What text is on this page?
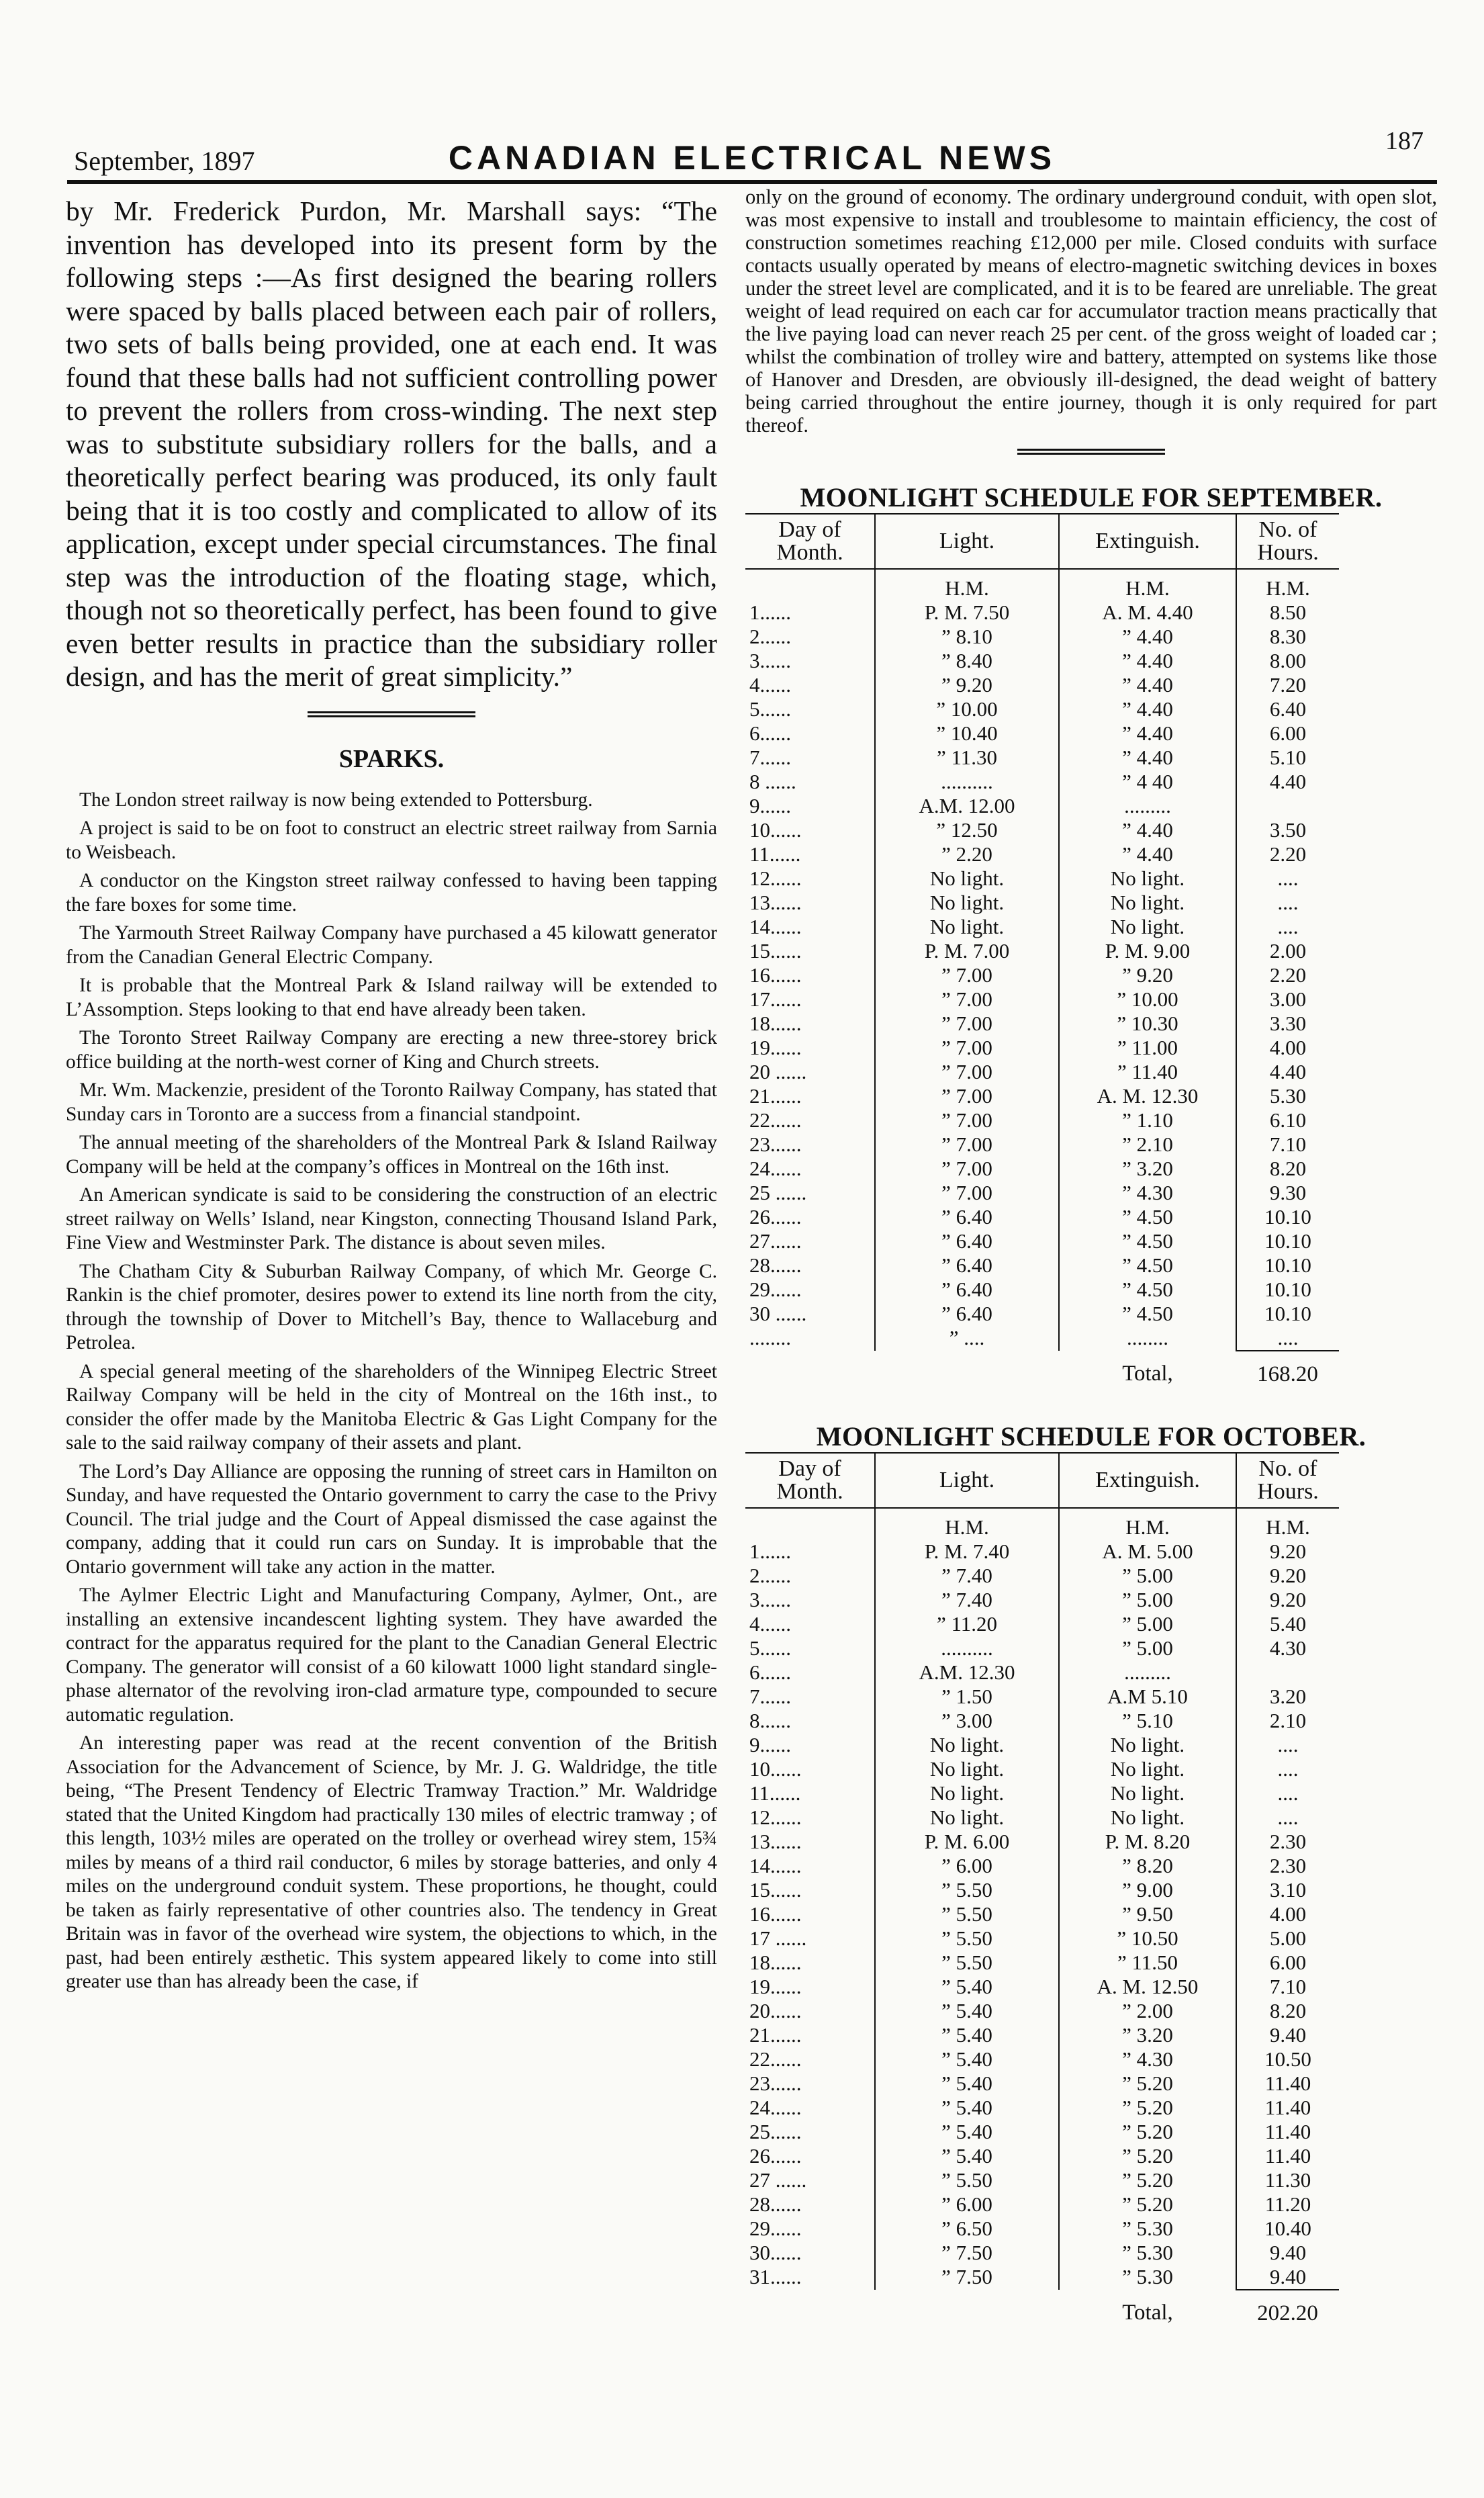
September, 1897	CANADIAN ELECTRICAL NEWS	187

by Mr. Frederick Purdon, Mr. Marshall says: “The invention has developed into its present form by the following steps :—As first designed the bearing rollers were spaced by balls placed between each pair of rollers, two sets of balls being provided, one at each end. It was found that these balls had not sufficient controlling power to prevent the rollers from cross-winding. The next step was to substitute subsidiary rollers for the balls, and a theoretically perfect bearing was produced, its only fault being that it is too costly and complicated to allow of its application, except under special circumstances. The final step was the introduction of the floating stage, which, though not so theoretically perfect, has been found to give even better results in practice than the subsidiary roller design, and has the merit of great simplicity.”

SPARKS.

The London street railway is now being extended to Pottersburg.

A project is said to be on foot to construct an electric street railway from Sarnia to Weisbeach.

A conductor on the Kingston street railway confessed to having been tapping the fare boxes for some time.

The Yarmouth Street Railway Company have purchased a 45 kilowatt generator from the Canadian General Electric Company.

It is probable that the Montreal Park & Island railway will be extended to L’Assomption. Steps looking to that end have already been taken.

The Toronto Street Railway Company are erecting a new three-storey brick office building at the north-west corner of King and Church streets.

Mr. Wm. Mackenzie, president of the Toronto Railway Company, has stated that Sunday cars in Toronto are a success from a financial standpoint.

The annual meeting of the shareholders of the Montreal Park & Island Railway Company will be held at the company’s offices in Montreal on the 16th inst.

An American syndicate is said to be considering the construction of an electric street railway on Wells’ Island, near Kingston, connecting Thousand Island Park, Fine View and Westminster Park. The distance is about seven miles.

The Chatham City & Suburban Railway Company, of which Mr. George C. Rankin is the chief promoter, desires power to extend its line north from the city, through the township of Dover to Mitchell’s Bay, thence to Wallaceburg and Petrolea.

A special general meeting of the shareholders of the Winnipeg Electric Street Railway Company will be held in the city of Montreal on the 16th inst., to consider the offer made by the Manitoba Electric & Gas Light Company for the sale to the said railway company of their assets and plant.

The Lord’s Day Alliance are opposing the running of street cars in Hamilton on Sunday, and have requested the Ontario government to carry the case to the Privy Council. The trial judge and the Court of Appeal dismissed the case against the company, adding that it could run cars on Sunday. It is improbable that the Ontario government will take any action in the matter.

The Aylmer Electric Light and Manufacturing Company, Aylmer, Ont., are installing an extensive incandescent lighting system. They have awarded the contract for the apparatus required for the plant to the Canadian General Electric Company. The generator will consist of a 60 kilowatt 1000 light standard single-phase alternator of the revolving iron-clad armature type, compounded to secure automatic regulation.

An interesting paper was read at the recent convention of the British Association for the Advancement of Science, by Mr. J. G. Waldridge, the title being, “The Present Tendency of Electric Tramway Traction.” Mr. Waldridge stated that the United Kingdom had practically 130 miles of electric tramway ; of this length, 103½ miles are operated on the trolley or overhead wirey stem, 15¾ miles by means of a third rail conductor, 6 miles by storage batteries, and only 4 miles on the underground conduit system. These proportions, he thought, could be taken as fairly representative of other countries also. The tendency in Great Britain was in favor of the overhead wire system, the objections to which, in the past, had been entirely æsthetic. This system appeared likely to come into still greater use than has already been the case, if

only on the ground of economy. The ordinary underground conduit, with open slot, was most expensive to install and troublesome to maintain efficiency, the cost of construction sometimes reaching £12,000 per mile. Closed conduits with surface contacts usually operated by means of electro-magnetic switching devices in boxes under the street level are complicated, and it is to be feared are unreliable. The great weight of lead required on each car for accumulator traction means practically that the live paying load can never reach 25 per cent. of the gross weight of loaded car ; whilst the combination of trolley wire and battery, attempted on systems like those of Hanover and Dresden, are obviously ill-designed, the dead weight of battery being carried throughout the entire journey, though it is only required for part thereof.

MOONLIGHT SCHEDULE FOR SEPTEMBER.
Day of Month.	Light.	Extinguish.	No. of Hours.
	H.M.	H.M.	H.M.
1......	P. M. 7.50	A. M. 4.40	8.50
2......	” 8.10	” 4.40	8.30
3......	” 8.40	” 4.40	8.00
4......	” 9.20	” 4.40	7.20
5......	” 10.00	” 4.40	6.40
6......	” 10.40	” 4.40	6.00
7......	” 11.30	” 4.40	5.10
8 ......	..........	” 4 40	4.40
9......	A.M. 12.00	.........	
10......	” 12.50	” 4.40	3.50
11......	” 2.20	” 4.40	2.20
12......	No light.	No light.	....
13......	No light.	No light.	....
14......	No light.	No light.	....
15......	P. M. 7.00	P. M. 9.00	2.00
16......	” 7.00	” 9.20	2.20
17......	” 7.00	” 10.00	3.00
18......	” 7.00	” 10.30	3.30
19......	” 7.00	” 11.00	4.00
20 ......	” 7.00	” 11.40	4.40
21......	” 7.00	A. M. 12.30	5.30
22......	” 7.00	” 1.10	6.10
23......	” 7.00	” 2.10	7.10
24......	” 7.00	” 3.20	8.20
25 ......	” 7.00	” 4.30	9.30
26......	” 6.40	” 4.50	10.10
27......	” 6.40	” 4.50	10.10
28......	” 6.40	” 4.50	10.10
29......	” 6.40	” 4.50	10.10
30 ......	” 6.40	” 4.50	10.10
........	” ....	........	....
		Total,	168.20
MOONLIGHT SCHEDULE FOR OCTOBER.
Day of Month.	Light.	Extinguish.	No. of Hours.
	H.M.	H.M.	H.M.
1......	P. M. 7.40	A. M. 5.00	9.20
2......	” 7.40	” 5.00	9.20
3......	” 7.40	” 5.00	9.20
4......	” 11.20	” 5.00	5.40
5......	..........	” 5.00	4.30
6......	A.M. 12.30	.........	
7......	” 1.50	A.M 5.10	3.20
8......	” 3.00	” 5.10	2.10
9......	No light.	No light.	....
10......	No light.	No light.	....
11......	No light.	No light.	....
12......	No light.	No light.	....
13......	P. M. 6.00	P. M. 8.20	2.30
14......	” 6.00	” 8.20	2.30
15......	” 5.50	” 9.00	3.10
16......	” 5.50	” 9.50	4.00
17 ......	” 5.50	” 10.50	5.00
18......	” 5.50	” 11.50	6.00
19......	” 5.40	A. M. 12.50	7.10
20......	” 5.40	” 2.00	8.20
21......	” 5.40	” 3.20	9.40
22......	” 5.40	” 4.30	10.50
23......	” 5.40	” 5.20	11.40
24......	” 5.40	” 5.20	11.40
25......	” 5.40	” 5.20	11.40
26......	” 5.40	” 5.20	11.40
27 ......	” 5.50	” 5.20	11.30
28......	” 6.00	” 5.20	11.20
29......	” 6.50	” 5.30	10.40
30......	” 7.50	” 5.30	9.40
31......	” 7.50	” 5.30	9.40
		Total,	202.20
